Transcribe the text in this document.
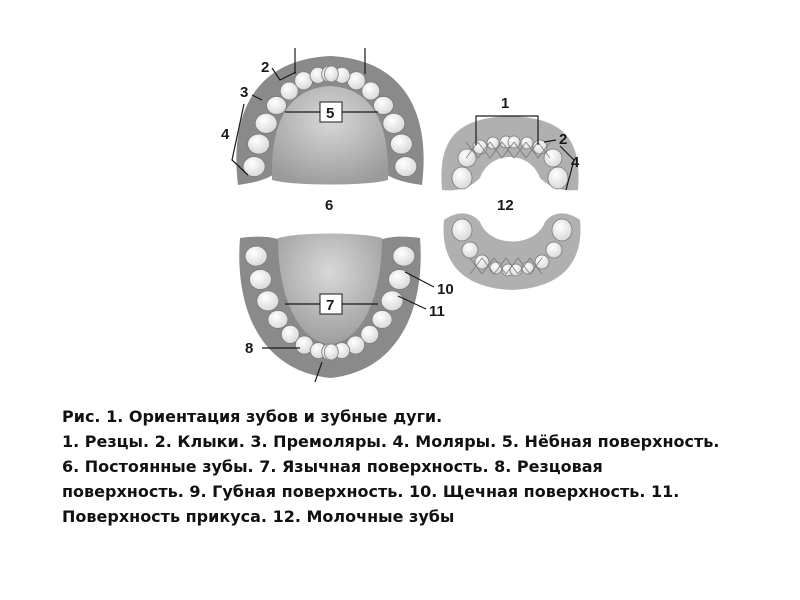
2
3
4
5
6
7
8
10
11
1
2
4
12
Рис. 1. Ориентация зубов и зубные дуги.
1. Резцы. 2. Клыки. 3. Премоляры. 4. Моляры. 5. Нёбная поверхность.
6. Постоянные зубы. 7. Язычная поверхность. 8. Резцовая
поверхность. 9. Губная поверхность. 10. Щечная поверхность. 11.
Поверхность прикуса. 12. Молочные зубы
